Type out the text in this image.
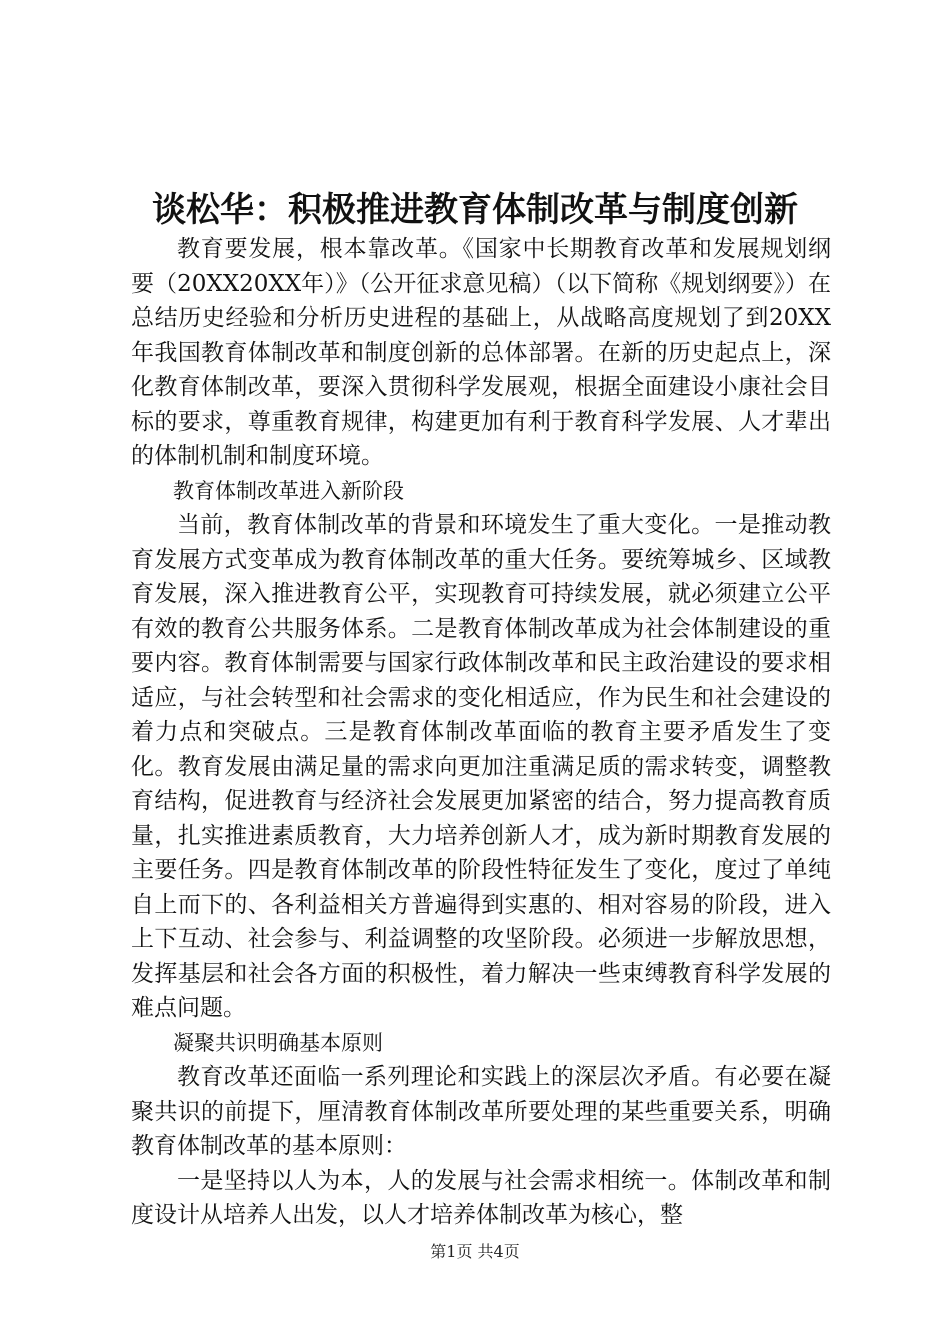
谈松华：积极推进教育体制改革与制度创新

教育要发展，根本靠改革。《国家中长期教育改革和发展规划纲要（20XX20XX年）》（公开征求意见稿）（以下简称《规划纲要》）在总结历史经验和分析历史进程的基础上，从战略高度规划了到20XX年我国教育体制改革和制度创新的总体部署。在新的历史起点上，深化教育体制改革，要深入贯彻科学发展观，根据全面建设小康社会目标的要求，尊重教育规律，构建更加有利于教育科学发展、人才辈出的体制机制和制度环境。

教育体制改革进入新阶段

当前，教育体制改革的背景和环境发生了重大变化。一是推动教育发展方式变革成为教育体制改革的重大任务。要统筹城乡、区域教育发展，深入推进教育公平，实现教育可持续发展，就必须建立公平有效的教育公共服务体系。二是教育体制改革成为社会体制建设的重要内容。教育体制需要与国家行政体制改革和民主政治建设的要求相适应，与社会转型和社会需求的变化相适应，作为民生和社会建设的着力点和突破点。三是教育体制改革面临的教育主要矛盾发生了变化。教育发展由满足量的需求向更加注重满足质的需求转变，调整教育结构，促进教育与经济社会发展更加紧密的结合，努力提高教育质量，扎实推进素质教育，大力培养创新人才，成为新时期教育发展的主要任务。四是教育体制改革的阶段性特征发生了变化，度过了单纯自上而下的、各利益相关方普遍得到实惠的、相对容易的阶段，进入上下互动、社会参与、利益调整的攻坚阶段。必须进一步解放思想，发挥基层和社会各方面的积极性，着力解决一些束缚教育科学发展的难点问题。

凝聚共识明确基本原则

教育改革还面临一系列理论和实践上的深层次矛盾。有必要在凝聚共识的前提下，厘清教育体制改革所要处理的某些重要关系，明确教育体制改革的基本原则：

一是坚持以人为本，人的发展与社会需求相统一。体制改革和制度设计从培养人出发，以人才培养体制改革为核心，整

第1页 共4页
